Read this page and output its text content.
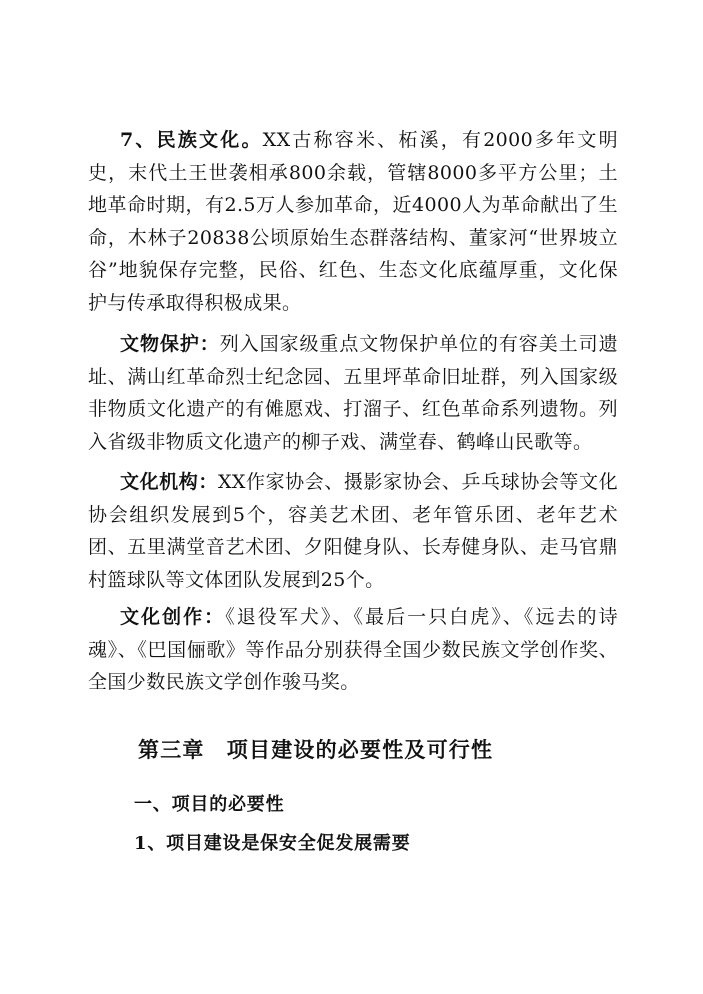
7、民族文化。XX古称容米、柘溪，有2000多年文明史，末代土王世袭相承800余载，管辖8000多平方公里；土地革命时期，有2.5万人参加革命，近4000人为革命献出了生命，木林子20838公顷原始生态群落结构、董家河“世界坡立谷”地貌保存完整，民俗、红色、生态文化底蕴厚重，文化保护与传承取得积极成果。

文物保护：列入国家级重点文物保护单位的有容美土司遗址、满山红革命烈士纪念园、五里坪革命旧址群，列入国家级非物质文化遗产的有傩愿戏、打溜子、红色革命系列遗物。列入省级非物质文化遗产的柳子戏、满堂春、鹤峰山民歌等。

文化机构：XX作家协会、摄影家协会、乒乓球协会等文化协会组织发展到5个，容美艺术团、老年管乐团、老年艺术团、五里满堂音艺术团、夕阳健身队、长寿健身队、走马官鼎村篮球队等文体团队发展到25个。

文化创作：《退役军犬》、《最后一只白虎》、《远去的诗魂》、《巴国俪歌》等作品分别获得全国少数民族文学创作奖、全国少数民族文学创作骏马奖。

第三章　项目建设的必要性及可行性
一、项目的必要性
1、项目建设是保安全促发展需要
